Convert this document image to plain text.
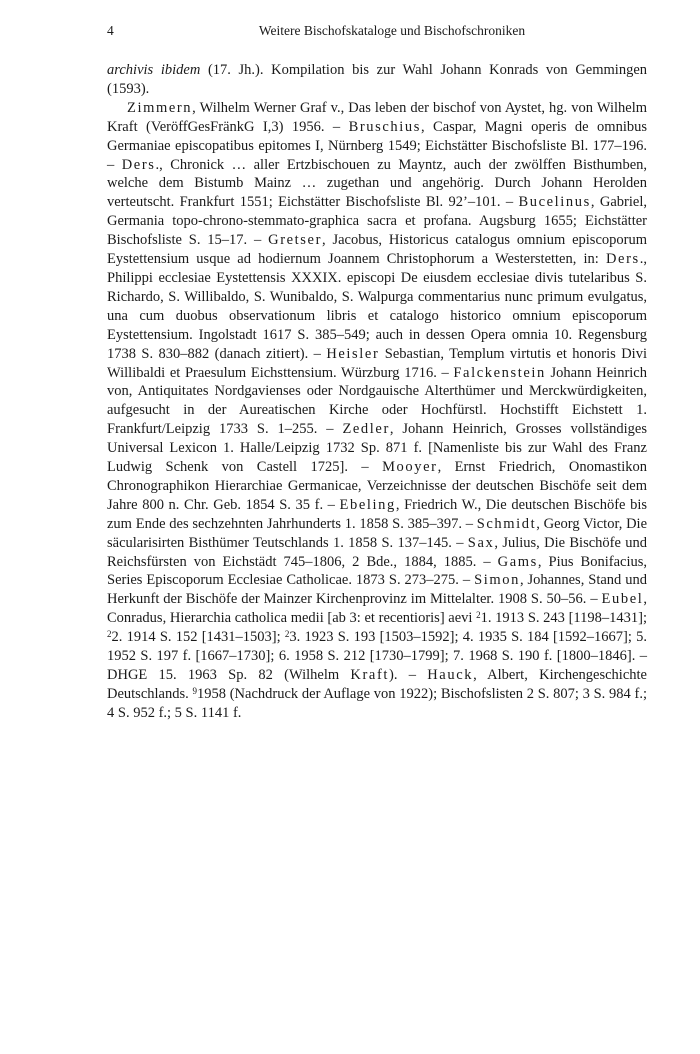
4	Weitere Bischofskataloge und Bischofschroniken

archivis ibidem (17. Jh.). Kompilation bis zur Wahl Johann Konrads von Gemmingen (1593).

Zimmern, Wilhelm Werner Graf v., Das leben der bischof von Aystet, hg. von Wilhelm Kraft (VeröffGesFränkG I,3) 1956. – Bruschius, Caspar, Magni operis de omnibus Germaniae episcopatibus epitomes I, Nürnberg 1549; Eichstätter Bischofsliste Bl. 177–196. – Ders., Chronick … aller Ertzbischouen zu Mayntz, auch der zwölffen Bisthumben, welche dem Bistumb Mainz … zugethan und angehörig. Durch Johann Herolden verteutscht. Frankfurt 1551; Eichstätter Bischofsliste Bl. 92’–101. – Bucelinus, Gabriel, Germania topo-chrono-stemmato-graphica sacra et profana. Augsburg 1655; Eichstätter Bischofsliste S. 15–17. – Gretser, Jacobus, Historicus catalogus omnium episcoporum Eystettensium usque ad hodiernum Joannem Christophorum a Westerstetten, in: Ders., Philippi ecclesiae Eystettensis XXXIX. episcopi De eiusdem ecclesiae divis tutelaribus S. Richardo, S. Willibaldo, S. Wunibaldo, S. Walpurga commentarius nunc primum evulgatus, una cum duobus observationum libris et catalogo historico omnium episcoporum Eystettensium. Ingolstadt 1617 S. 385–549; auch in dessen Opera omnia 10. Regensburg 1738 S. 830–882 (danach zitiert). – Heisler Sebastian, Templum virtutis et honoris Divi Willibaldi et Praesulum Eichsttensium. Würzburg 1716. – Falckenstein Johann Heinrich von, Antiquitates Nordgavienses oder Nordgauische Alterthümer und Merckwürdigkeiten, aufgesucht in der Aureatischen Kirche oder Hochfürstl. Hochstifft Eichstett 1. Frankfurt/Leipzig 1733 S. 1–255. – Zedler, Johann Heinrich, Grosses vollständiges Universal Lexicon 1. Halle/Leipzig 1732 Sp. 871 f. [Namenliste bis zur Wahl des Franz Ludwig Schenk von Castell 1725]. – Mooyer, Ernst Friedrich, Onomastikon Chronographikon Hierarchiae Germanicae, Verzeichnisse der deutschen Bischöfe seit dem Jahre 800 n. Chr. Geb. 1854 S. 35 f. – Ebeling, Friedrich W., Die deutschen Bischöfe bis zum Ende des sechzehnten Jahrhunderts 1. 1858 S. 385–397. – Schmidt, Georg Victor, Die säcularisirten Bisthümer Teutschlands 1. 1858 S. 137–145. – Sax, Julius, Die Bischöfe und Reichsfürsten von Eichstädt 745–1806, 2 Bde., 1884, 1885. – Gams, Pius Bonifacius, Series Episcoporum Ecclesiae Catholicae. 1873 S. 273–275. – Simon, Johannes, Stand und Herkunft der Bischöfe der Mainzer Kirchenprovinz im Mittelalter. 1908 S. 50–56. – Eubel, Conradus, Hierarchia catholica medii [ab 3: et recentioris] aevi $^2$1. 1913 S. 243 [1198–1431]; $^2$2. 1914 S. 152 [1431–1503]; $^2$3. 1923 S. 193 [1503–1592]; 4. 1935 S. 184 [1592–1667]; 5. 1952 S. 197 f. [1667–1730]; 6. 1958 S. 212 [1730–1799]; 7. 1968 S. 190 f. [1800–1846]. – DHGE 15. 1963 Sp. 82 (Wilhelm Kraft). – Hauck, Albert, Kirchengeschichte Deutschlands. $^9$1958 (Nachdruck der Auflage von 1922); Bischofslisten 2 S. 807; 3 S. 984 f.; 4 S. 952 f.; 5 S. 1141 f.
